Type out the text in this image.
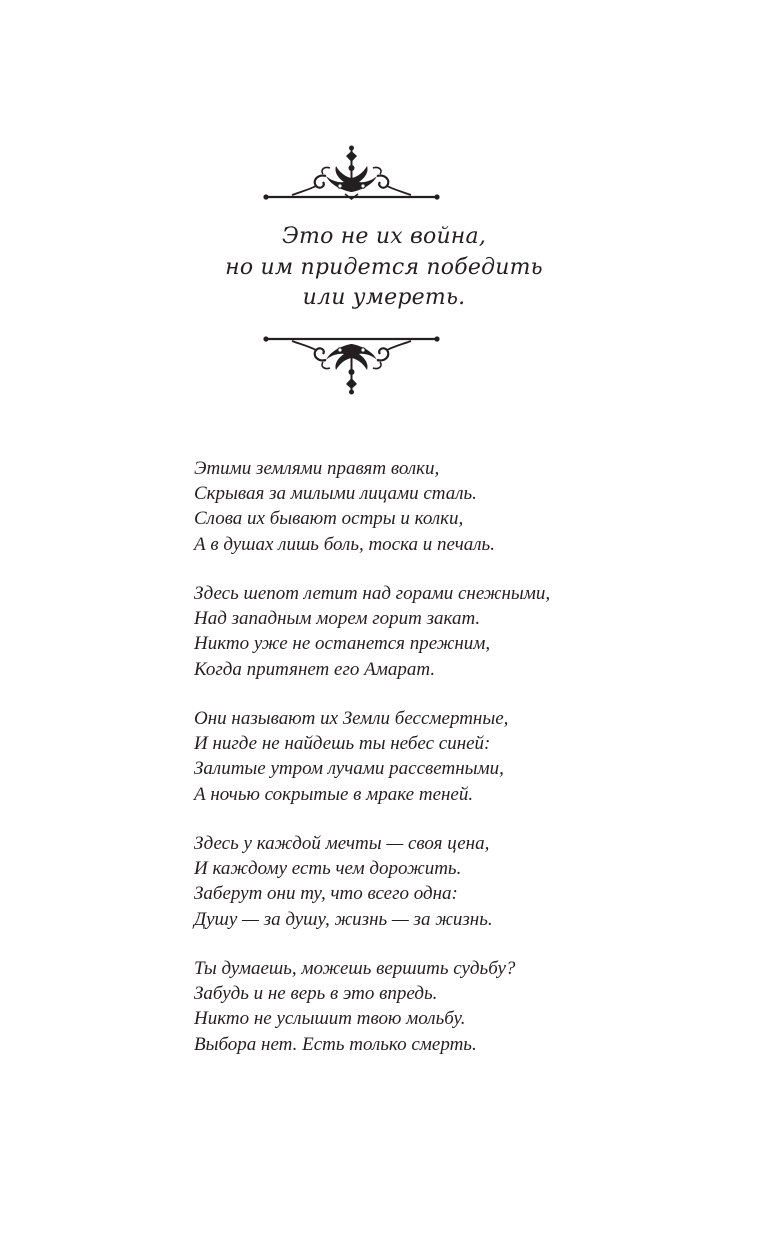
Это не их война,
но им придется победить
или умереть.
Этими землями правят волки,
Скрывая за милыми лицами сталь.
Слова их бывают остры и колки,
А в душах лишь боль, тоска и печаль.
Здесь шепот летит над горами снежными,
Над западным морем горит закат.
Никто уже не останется прежним,
Когда притянет его Амарат.
Они называют их Земли бессмертные,
И нигде не найдешь ты небес синей:
Залитые утром лучами рассветными,
А ночью сокрытые в мраке теней.
Здесь у каждой мечты — своя цена,
И каждому есть чем дорожить.
Заберут они ту, что всего одна:
Душу — за душу, жизнь — за жизнь.
Ты думаешь, можешь вершить судьбу?
Забудь и не верь в это впредь.
Никто не услышит твою мольбу.
Выбора нет. Есть только смерть.
